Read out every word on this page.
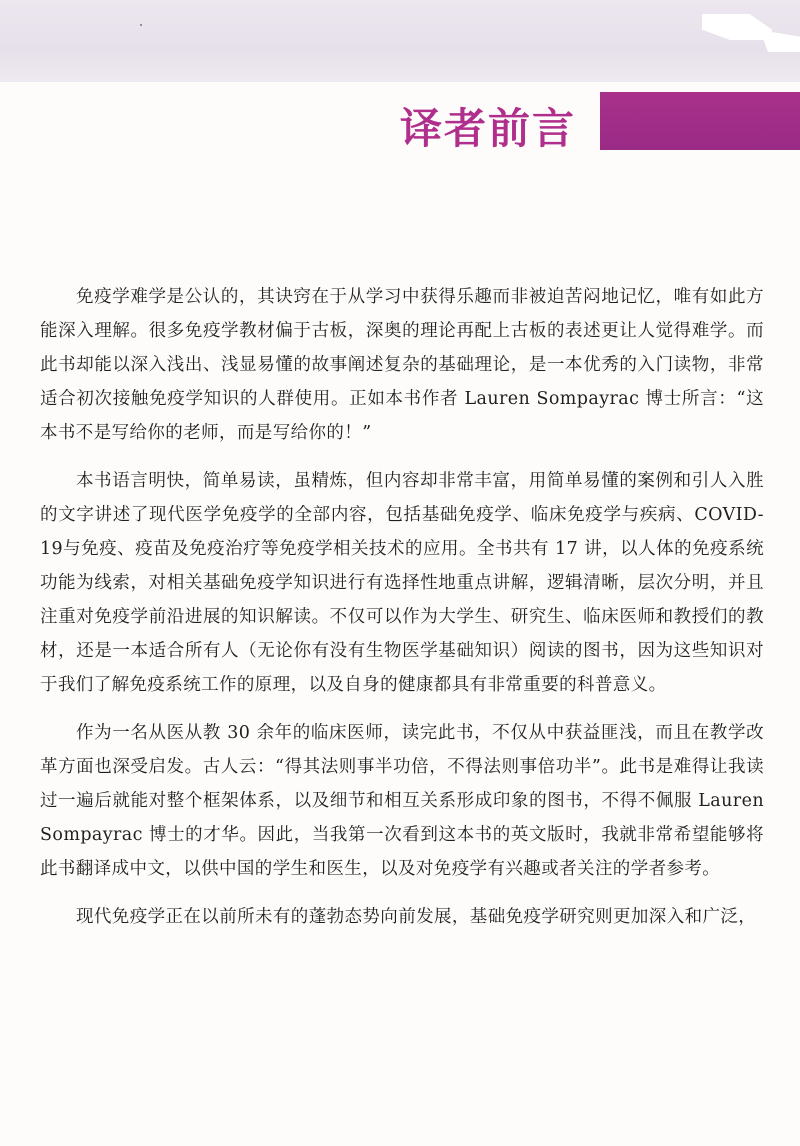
译者前言

免疫学难学是公认的，其诀窍在于从学习中获得乐趣而非被迫苦闷地记忆，唯有如此方能深入理解。很多免疫学教材偏于古板，深奥的理论再配上古板的表述更让人觉得难学。而此书却能以深入浅出、浅显易懂的故事阐述复杂的基础理论，是一本优秀的入门读物，非常适合初次接触免疫学知识的人群使用。正如本书作者 Lauren Sompayrac 博士所言：“这本书不是写给你的老师，而是写给你的！”

本书语言明快，简单易读，虽精炼，但内容却非常丰富，用简单易懂的案例和引人入胜的文字讲述了现代医学免疫学的全部内容，包括基础免疫学、临床免疫学与疾病、COVID-19与免疫、疫苗及免疫治疗等免疫学相关技术的应用。全书共有 17 讲，以人体的免疫系统功能为线索，对相关基础免疫学知识进行有选择性地重点讲解，逻辑清晰，层次分明，并且注重对免疫学前沿进展的知识解读。不仅可以作为大学生、研究生、临床医师和教授们的教材，还是一本适合所有人（无论你有没有生物医学基础知识）阅读的图书，因为这些知识对于我们了解免疫系统工作的原理，以及自身的健康都具有非常重要的科普意义。

作为一名从医从教 30 余年的临床医师，读完此书，不仅从中获益匪浅，而且在教学改革方面也深受启发。古人云：“得其法则事半功倍，不得法则事倍功半”。此书是难得让我读过一遍后就能对整个框架体系，以及细节和相互关系形成印象的图书，不得不佩服 Lauren Sompayrac 博士的才华。因此，当我第一次看到这本书的英文版时，我就非常希望能够将此书翻译成中文，以供中国的学生和医生，以及对免疫学有兴趣或者关注的学者参考。

现代免疫学正在以前所未有的蓬勃态势向前发展，基础免疫学研究则更加深入和广泛，
